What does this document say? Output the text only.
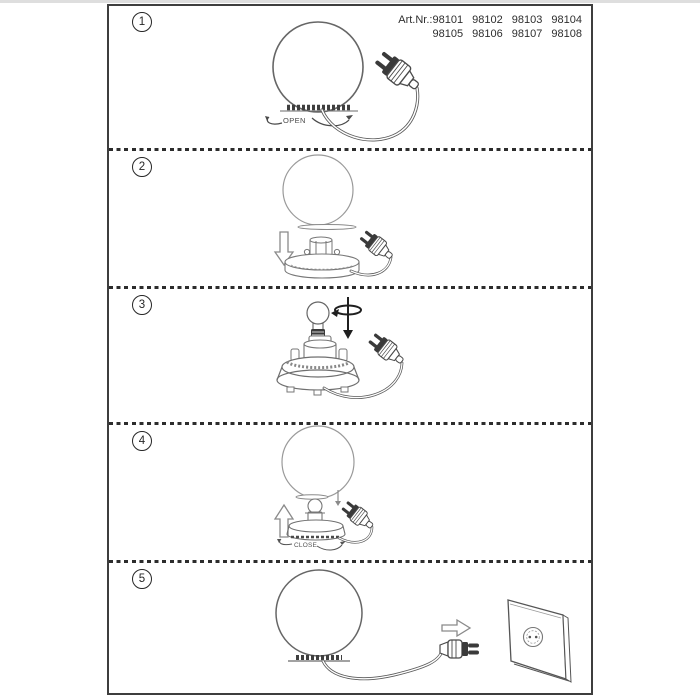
1	Art.Nr.:98101 98102 98103 98104
98105 98106 98107 98108
OPEN
2
3
4
CLOSE
5
